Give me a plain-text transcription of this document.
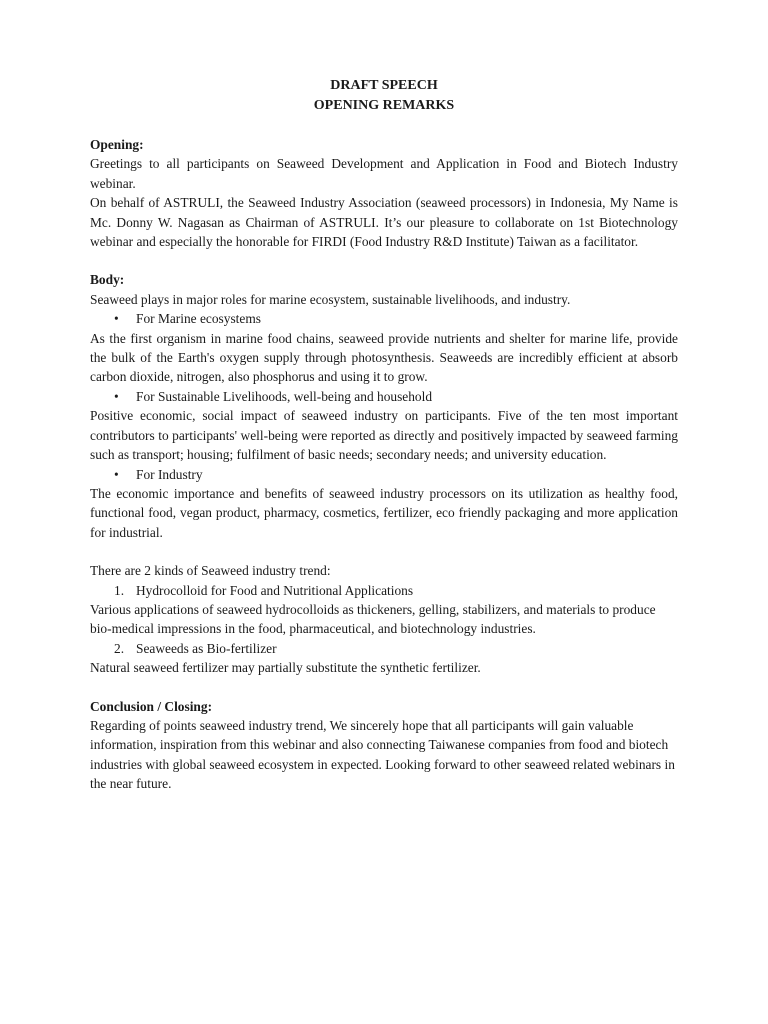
DRAFT SPEECH

OPENING REMARKS

Opening:

Greetings to all participants on Seaweed Development and Application in Food and Biotech Industry webinar.

On behalf of ASTRULI, the Seaweed Industry Association (seaweed processors) in Indonesia, My Name is Mc. Donny W. Nagasan as Chairman of ASTRULI. It’s our pleasure to collaborate on 1st Biotechnology webinar and especially the honorable for FIRDI (Food Industry R&D Institute) Taiwan as a facilitator.

Body:

Seaweed plays in major roles for marine ecosystem, sustainable livelihoods, and industry.

•	For Marine ecosystems

As the first organism in marine food chains, seaweed provide nutrients and shelter for marine life, provide the bulk of the Earth's oxygen supply through photosynthesis. Seaweeds are incredibly efficient at absorb carbon dioxide, nitrogen, also phosphorus and using it to grow.

•	For Sustainable Livelihoods, well-being and household

Positive economic, social impact of seaweed industry on participants. Five of the ten most important contributors to participants' well-being were reported as directly and positively impacted by seaweed farming such as transport; housing; fulfilment of basic needs; secondary needs; and university education.

•	For Industry

The economic importance and benefits of seaweed industry processors on its utilization as healthy food, functional food, vegan product, pharmacy, cosmetics, fertilizer, eco friendly packaging and more application for industrial.

There are 2 kinds of Seaweed industry trend:

1. Hydrocolloid for Food and Nutritional Applications

Various applications of seaweed hydrocolloids as thickeners, gelling, stabilizers, and materials to produce bio-medical impressions in the food, pharmaceutical, and biotechnology industries.

2. Seaweeds as Bio-fertilizer

Natural seaweed fertilizer may partially substitute the synthetic fertilizer.

Conclusion / Closing:

Regarding of points seaweed industry trend, We sincerely hope that all participants will gain valuable information, inspiration from this webinar and also connecting Taiwanese companies from food and biotech industries with global seaweed ecosystem in expected. Looking forward to other seaweed related webinars in the near future.
